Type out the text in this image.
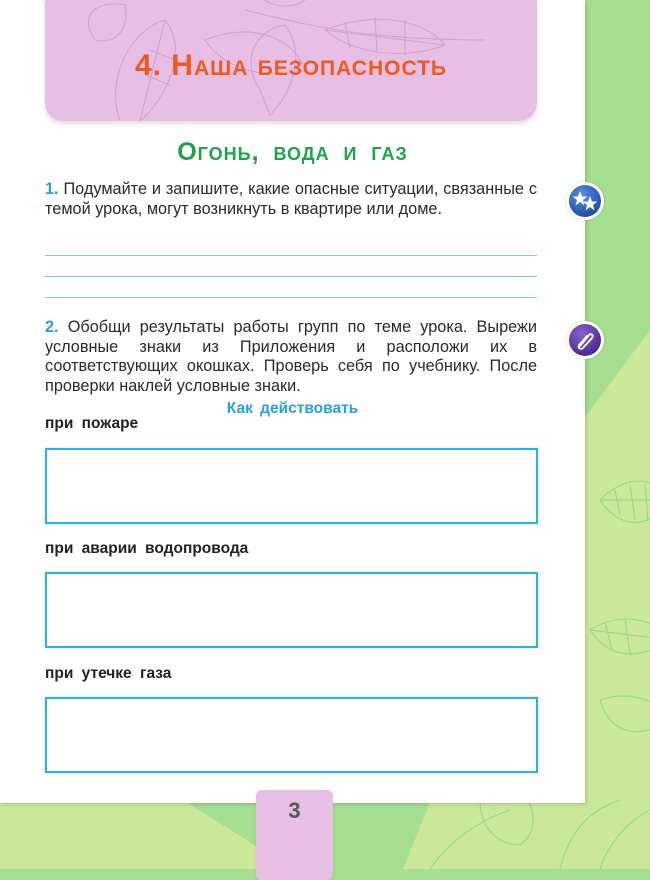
4. Наша безопасность
Огонь, вода и газ
1. Подумайте и запишите, какие опасные ситуации, связанные с темой урока, могут возникнуть в квартире или доме.
2. Обобщи результаты работы групп по теме урока. Вырежи условные знаки из Приложения и расположи их в соответствующих окошках. Проверь себя по учебнику. После проверки наклей условные знаки.
Как действовать
при пожаре
при аварии водопровода
при утечке газа
3
